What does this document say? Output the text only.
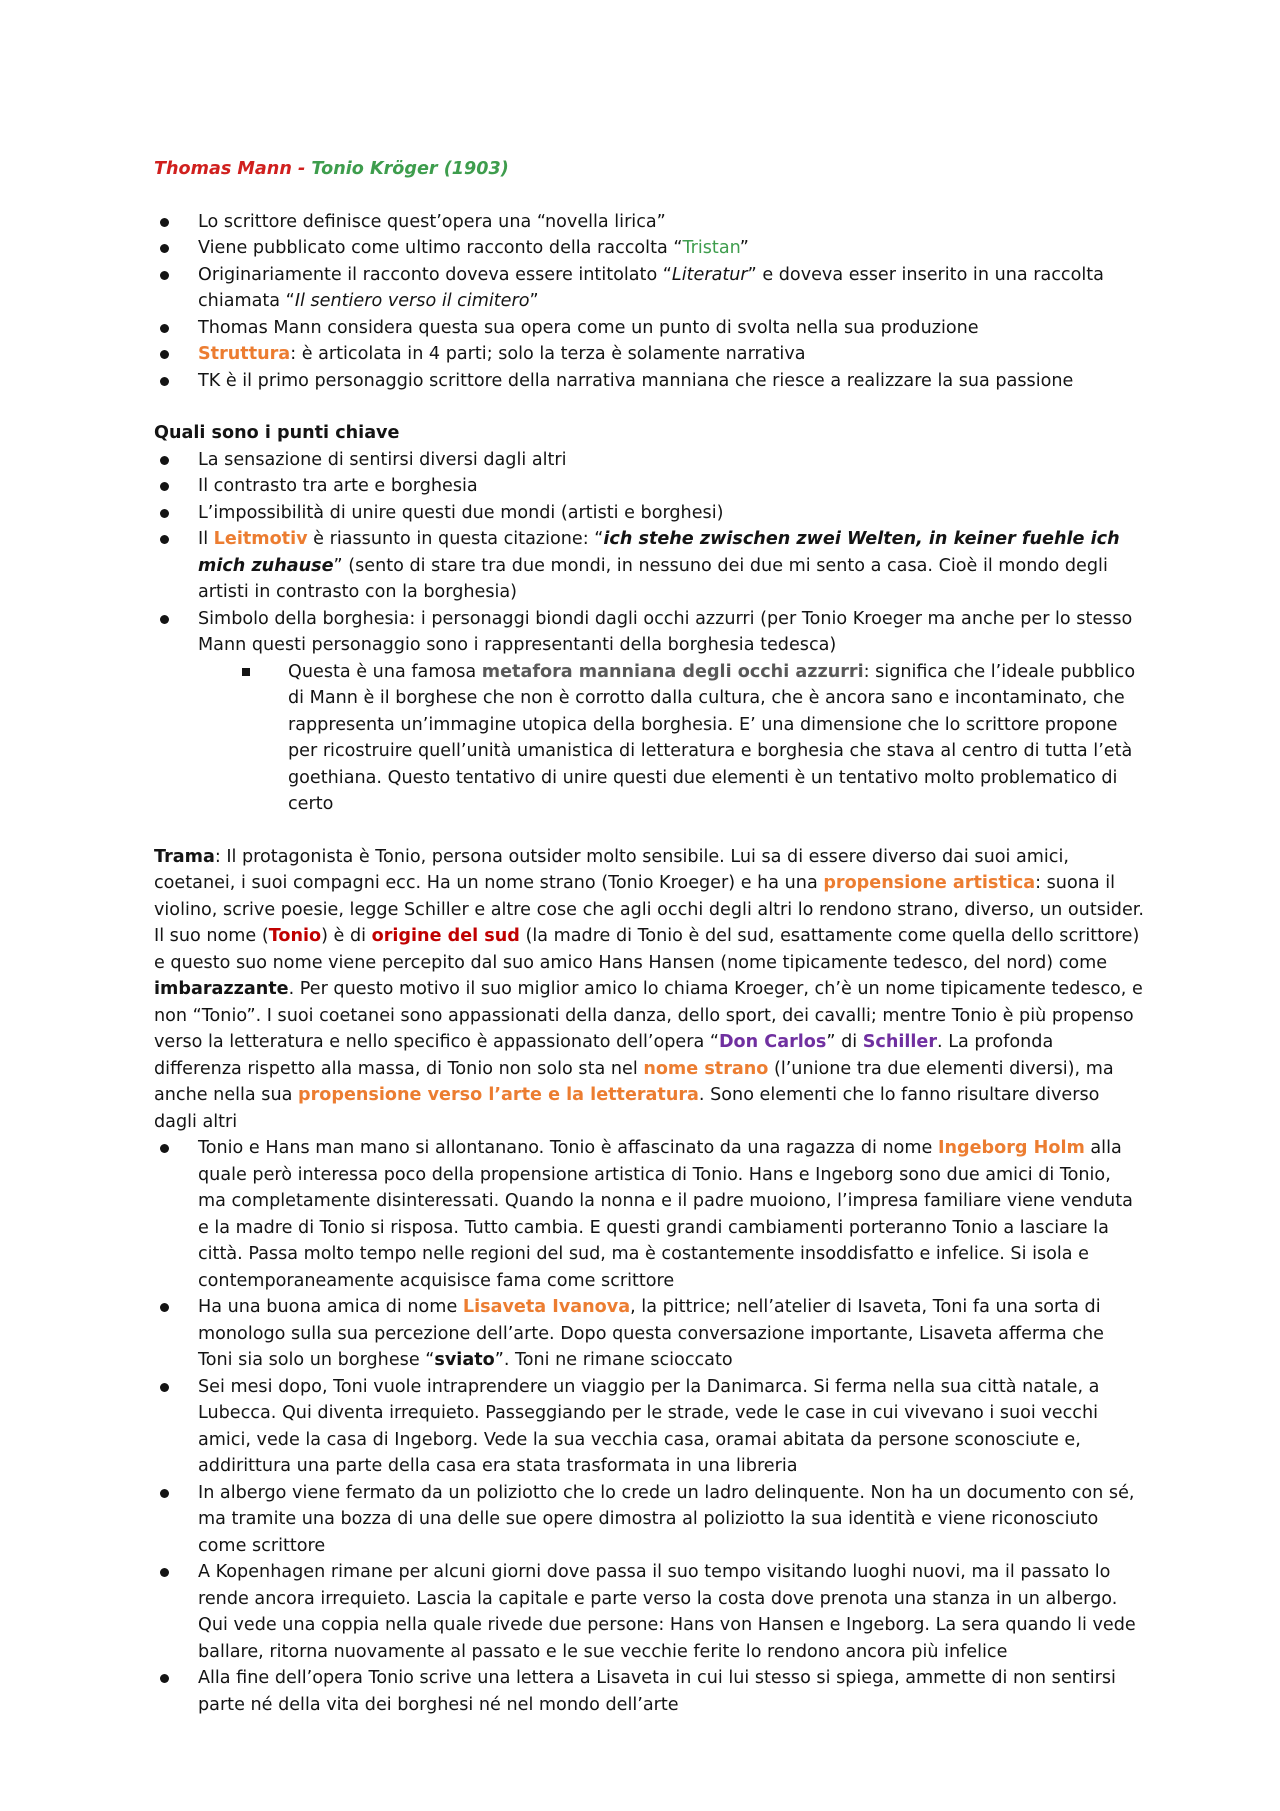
Thomas Mann - Tonio Kröger (1903)
Lo scrittore definisce quest’opera una “novella lirica”
Viene pubblicato come ultimo racconto della raccolta “Tristan”
Originariamente il racconto doveva essere intitolato “Literatur” e doveva esser inserito in una raccolta chiamata “Il sentiero verso il cimitero”
Thomas Mann considera questa sua opera come un punto di svolta nella sua produzione
Struttura: è articolata in 4 parti; solo la terza è solamente narrativa
TK è il primo personaggio scrittore della narrativa manniana che riesce a realizzare la sua passione
Quali sono i punti chiave
La sensazione di sentirsi diversi dagli altri
Il contrasto tra arte e borghesia
L’impossibilità di unire questi due mondi (artisti e borghesi)
Il Leitmotiv è riassunto in questa citazione: “ich stehe zwischen zwei Welten, in keiner fuehle ich mich zuhause” (sento di stare tra due mondi, in nessuno dei due mi sento a casa. Cioè il mondo degli artisti in contrasto con la borghesia)
Simbolo della borghesia: i personaggi biondi dagli occhi azzurri (per Tonio Kroeger ma anche per lo stesso Mann questi personaggio sono i rappresentanti della borghesia tedesca)
Questa è una famosa metafora manniana degli occhi azzurri: significa che l’ideale pubblico di Mann è il borghese che non è corrotto dalla cultura, che è ancora sano e incontaminato, che rappresenta un’immagine utopica della borghesia. E’ una dimensione che lo scrittore propone per ricostruire quell’unità umanistica di letteratura e borghesia che stava al centro di tutta l’età goethiana. Questo tentativo di unire questi due elementi è un tentativo molto problematico di certo
Trama: Il protagonista è Tonio, persona outsider molto sensibile. Lui sa di essere diverso dai suoi amici, coetanei, i suoi compagni ecc. Ha un nome strano (Tonio Kroeger) e ha una propensione artistica: suona il violino, scrive poesie, legge Schiller e altre cose che agli occhi degli altri lo rendono strano, diverso, un outsider. Il suo nome (Tonio) è di origine del sud (la madre di Tonio è del sud, esattamente come quella dello scrittore) e questo suo nome viene percepito dal suo amico Hans Hansen (nome tipicamente tedesco, del nord) come imbarazzante. Per questo motivo il suo miglior amico lo chiama Kroeger, ch’è un nome tipicamente tedesco, e non “Tonio”. I suoi coetanei sono appassionati della danza, dello sport, dei cavalli; mentre Tonio è più propenso verso la letteratura e nello specifico è appassionato dell’opera “Don Carlos” di Schiller. La profonda differenza rispetto alla massa, di Tonio non solo sta nel nome strano (l’unione tra due elementi diversi), ma anche nella sua propensione verso l’arte e la letteratura. Sono elementi che lo fanno risultare diverso dagli altri
Tonio e Hans man mano si allontanano. Tonio è affascinato da una ragazza di nome Ingeborg Holm alla quale però interessa poco della propensione artistica di Tonio. Hans e Ingeborg sono due amici di Tonio, ma completamente disinteressati. Quando la nonna e il padre muoiono, l’impresa familiare viene venduta e la madre di Tonio si risposa. Tutto cambia. E questi grandi cambiamenti porteranno Tonio a lasciare la città. Passa molto tempo nelle regioni del sud, ma è costantemente insoddisfatto e infelice. Si isola e contemporaneamente acquisisce fama come scrittore
Ha una buona amica di nome Lisaveta Ivanova, la pittrice; nell’atelier di Isaveta, Toni fa una sorta di monologo sulla sua percezione dell’arte. Dopo questa conversazione importante, Lisaveta afferma che Toni sia solo un borghese “sviato”. Toni ne rimane scioccato
Sei mesi dopo, Toni vuole intraprendere un viaggio per la Danimarca. Si ferma nella sua città natale, a Lubecca. Qui diventa irrequieto. Passeggiando per le strade, vede le case in cui vivevano i suoi vecchi amici, vede la casa di Ingeborg. Vede la sua vecchia casa, oramai abitata da persone sconosciute e, addirittura una parte della casa era stata trasformata in una libreria
In albergo viene fermato da un poliziotto che lo crede un ladro delinquente. Non ha un documento con sé, ma tramite una bozza di una delle sue opere dimostra al poliziotto la sua identità e viene riconosciuto come scrittore
A Kopenhagen rimane per alcuni giorni dove passa il suo tempo visitando luoghi nuovi, ma il passato lo rende ancora irrequieto. Lascia la capitale e parte verso la costa dove prenota una stanza in un albergo. Qui vede una coppia nella quale rivede due persone: Hans von Hansen e Ingeborg. La sera quando li vede ballare, ritorna nuovamente al passato e le sue vecchie ferite lo rendono ancora più infelice
Alla fine dell’opera Tonio scrive una lettera a Lisaveta in cui lui stesso si spiega, ammette di non sentirsi parte né della vita dei borghesi né nel mondo dell’arte
